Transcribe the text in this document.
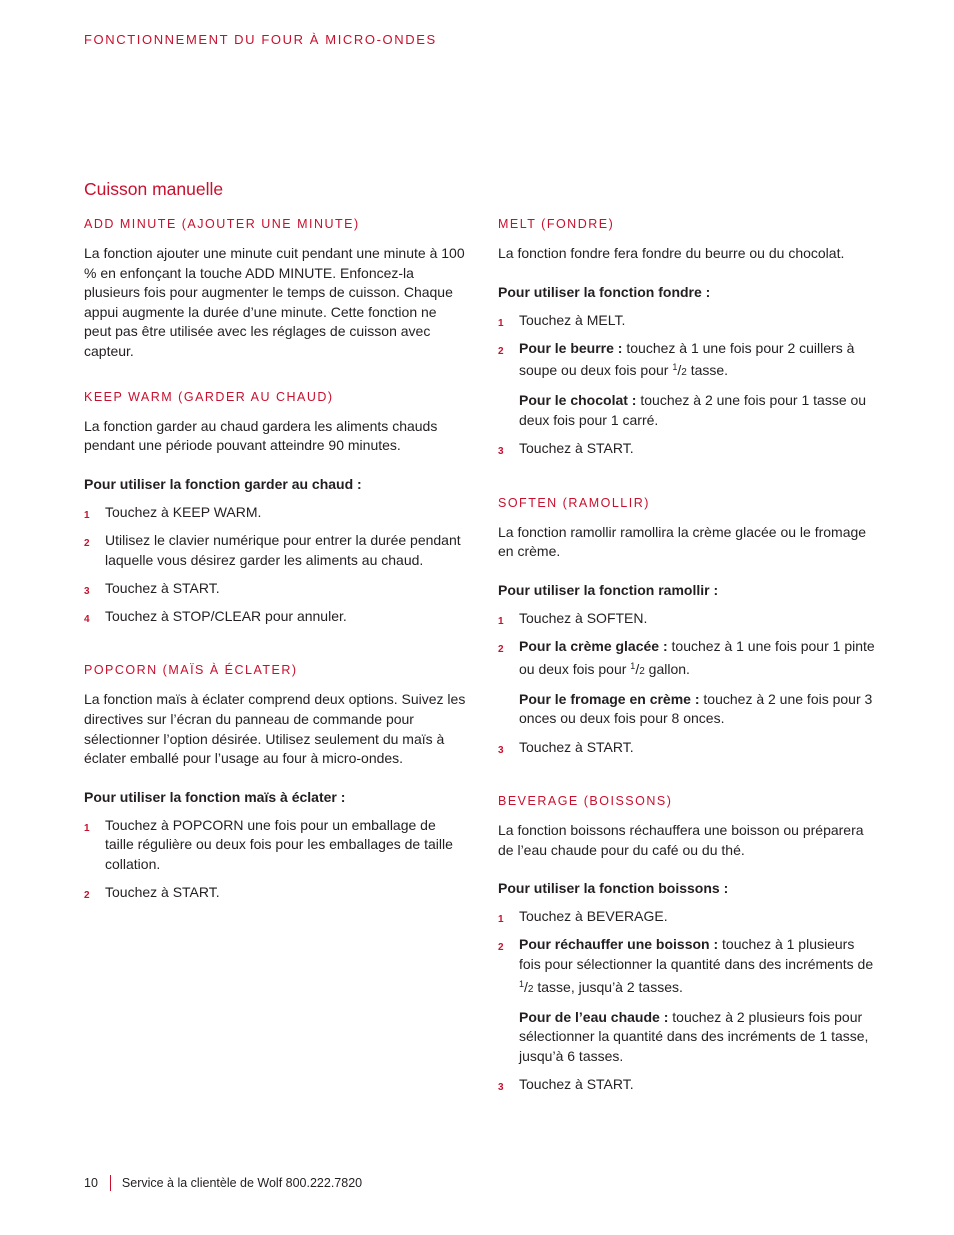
FONCTIONNEMENT DU FOUR À MICRO-ONDES
Cuisson manuelle
ADD MINUTE (AJOUTER UNE MINUTE)
La fonction ajouter une minute cuit pendant une minute à 100 % en enfonçant la touche ADD MINUTE. Enfoncez-la plusieurs fois pour augmenter le temps de cuisson. Chaque appui augmente la durée d’une minute. Cette fonction ne peut pas être utilisée avec les réglages de cuisson avec capteur.
KEEP WARM (GARDER AU CHAUD)
La fonction garder au chaud gardera les aliments chauds pendant une période pouvant atteindre 90 minutes.
Pour utiliser la fonction garder au chaud :
1 Touchez à KEEP WARM.
2 Utilisez le clavier numérique pour entrer la durée pendant laquelle vous désirez garder les aliments au chaud.
3 Touchez à START.
4 Touchez à STOP/CLEAR pour annuler.
POPCORN (MAÏS À ÉCLATER)
La fonction maïs à éclater comprend deux options. Suivez les directives sur l’écran du panneau de commande pour sélectionner l’option désirée. Utilisez seulement du maïs à éclater emballé pour l’usage au four à micro-ondes.
Pour utiliser la fonction maïs à éclater :
1 Touchez à POPCORN une fois pour un emballage de taille régulière ou deux fois pour les emballages de taille collation.
2 Touchez à START.
MELT (FONDRE)
La fonction fondre fera fondre du beurre ou du chocolat.
Pour utiliser la fonction fondre :
1 Touchez à MELT.
2 Pour le beurre : touchez à 1 une fois pour 2 cuillers à soupe ou deux fois pour $^1$/2 tasse.
Pour le chocolat : touchez à 2 une fois pour 1 tasse ou deux fois pour 1 carré.
3 Touchez à START.
SOFTEN (RAMOLLIR)
La fonction ramollir ramollira la crème glacée ou le fromage en crème.
Pour utiliser la fonction ramollir :
1 Touchez à SOFTEN.
2 Pour la crème glacée : touchez à 1 une fois pour 1 pinte ou deux fois pour $^1$/2 gallon.
Pour le fromage en crème : touchez à 2 une fois pour 3 onces ou deux fois pour 8 onces.
3 Touchez à START.
BEVERAGE (BOISSONS)
La fonction boissons réchauffera une boisson ou préparera de l’eau chaude pour du café ou du thé.
Pour utiliser la fonction boissons :
1 Touchez à BEVERAGE.
2 Pour réchauffer une boisson : touchez à 1 plusieurs fois pour sélectionner la quantité dans des incréments de $^1$/2 tasse, jusqu’à 2 tasses.
Pour de l’eau chaude : touchez à 2 plusieurs fois pour sélectionner la quantité dans des incréments de 1 tasse, jusqu’à 6 tasses.
3 Touchez à START.
10 Service à la clientèle de Wolf 800.222.7820
